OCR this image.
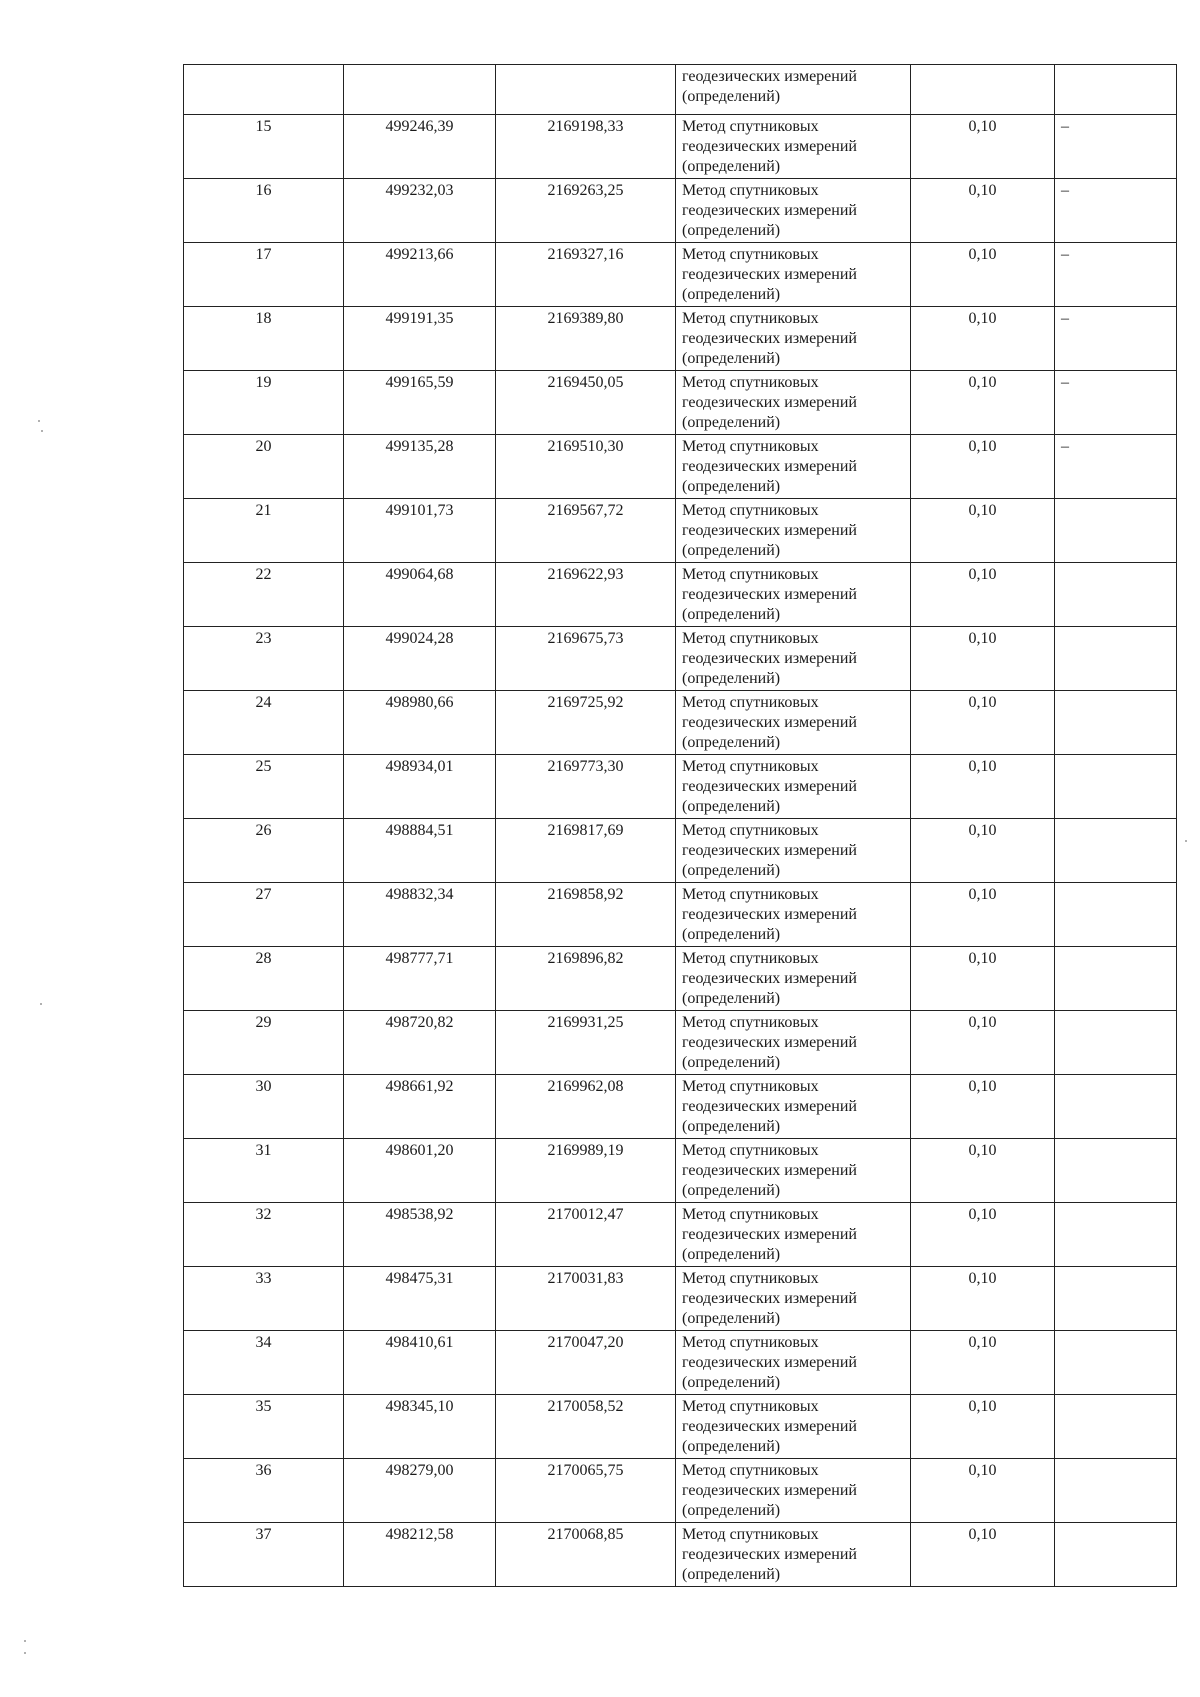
			геодезических измерений
(определений)		

15	499246,39	2169198,33	Метод спутниковых
геодезических измерений
(определений)	0,10	–
16	499232,03	2169263,25	Метод спутниковых
геодезических измерений
(определений)	0,10	–
17	499213,66	2169327,16	Метод спутниковых
геодезических измерений
(определений)	0,10	–
18	499191,35	2169389,80	Метод спутниковых
геодезических измерений
(определений)	0,10	–
19	499165,59	2169450,05	Метод спутниковых
геодезических измерений
(определений)	0,10	–
20	499135,28	2169510,30	Метод спутниковых
геодезических измерений
(определений)	0,10	–
21	499101,73	2169567,72	Метод спутниковых
геодезических измерений
(определений)	0,10	
22	499064,68	2169622,93	Метод спутниковых
геодезических измерений
(определений)	0,10	
23	499024,28	2169675,73	Метод спутниковых
геодезических измерений
(определений)	0,10	
24	498980,66	2169725,92	Метод спутниковых
геодезических измерений
(определений)	0,10	
25	498934,01	2169773,30	Метод спутниковых
геодезических измерений
(определений)	0,10	
26	498884,51	2169817,69	Метод спутниковых
геодезических измерений
(определений)	0,10	
27	498832,34	2169858,92	Метод спутниковых
геодезических измерений
(определений)	0,10	
28	498777,71	2169896,82	Метод спутниковых
геодезических измерений
(определений)	0,10	
29	498720,82	2169931,25	Метод спутниковых
геодезических измерений
(определений)	0,10	
30	498661,92	2169962,08	Метод спутниковых
геодезических измерений
(определений)	0,10	
31	498601,20	2169989,19	Метод спутниковых
геодезических измерений
(определений)	0,10	
32	498538,92	2170012,47	Метод спутниковых
геодезических измерений
(определений)	0,10	
33	498475,31	2170031,83	Метод спутниковых
геодезических измерений
(определений)	0,10	
34	498410,61	2170047,20	Метод спутниковых
геодезических измерений
(определений)	0,10	
35	498345,10	2170058,52	Метод спутниковых
геодезических измерений
(определений)	0,10	
36	498279,00	2170065,75	Метод спутниковых
геодезических измерений
(определений)	0,10	
37	498212,58	2170068,85	Метод спутниковых
геодезических измерений
(определений)	0,10	
